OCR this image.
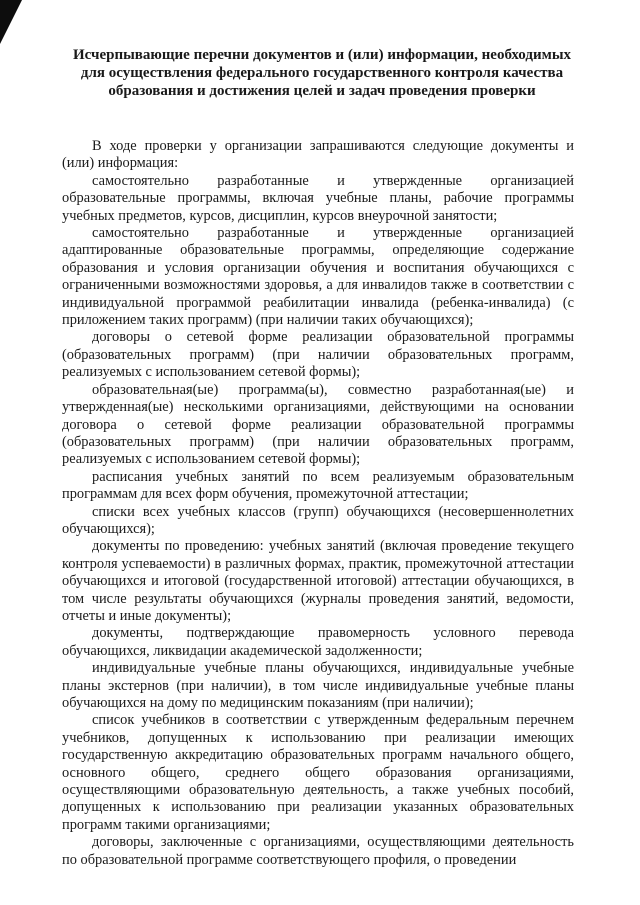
Исчерпывающие перечни документов и (или) информации, необходимых для осуществления федерального государственного контроля качества образования и достижения целей и задач проведения проверки

В ходе проверки у организации запрашиваются следующие документы и (или) информация:

самостоятельно разработанные и утвержденные организацией образовательные программы, включая учебные планы, рабочие программы учебных предметов, курсов, дисциплин, курсов внеурочной занятости;

самостоятельно разработанные и утвержденные организацией адаптированные образовательные программы, определяющие содержание образования и условия организации обучения и воспитания обучающихся с ограниченными возможностями здоровья, а для инвалидов также в соответствии с индивидуальной программой реабилитации инвалида (ребенка-инвалида) (с приложением таких программ) (при наличии таких обучающихся);

договоры о сетевой форме реализации образовательной программы (образовательных программ) (при наличии образовательных программ, реализуемых с использованием сетевой формы);

образовательная(ые) программа(ы), совместно разработанная(ые) и утвержденная(ые) несколькими организациями, действующими на основании договора о сетевой форме реализации образовательной программы (образовательных программ) (при наличии образовательных программ, реализуемых с использованием сетевой формы);

расписания учебных занятий по всем реализуемым образовательным программам для всех форм обучения, промежуточной аттестации;

списки всех учебных классов (групп) обучающихся (несовершеннолетних обучающихся);

документы по проведению: учебных занятий (включая проведение текущего контроля успеваемости) в различных формах, практик, промежуточной аттестации обучающихся и итоговой (государственной итоговой) аттестации обучающихся, в том числе результаты обучающихся (журналы проведения занятий, ведомости, отчеты и иные документы);

документы, подтверждающие правомерность условного перевода обучающихся, ликвидации академической задолженности;

индивидуальные учебные планы обучающихся, индивидуальные учебные планы экстернов (при наличии), в том числе индивидуальные учебные планы обучающихся на дому по медицинским показаниям (при наличии);

список учебников в соответствии с утвержденным федеральным перечнем учебников, допущенных к использованию при реализации имеющих государственную аккредитацию образовательных программ начального общего, основного общего, среднего общего образования организациями, осуществляющими образовательную деятельность, а также учебных пособий, допущенных к использованию при реализации указанных образовательных программ такими организациями;

договоры, заключенные с организациями, осуществляющими деятельность по образовательной программе соответствующего профиля, о проведении
